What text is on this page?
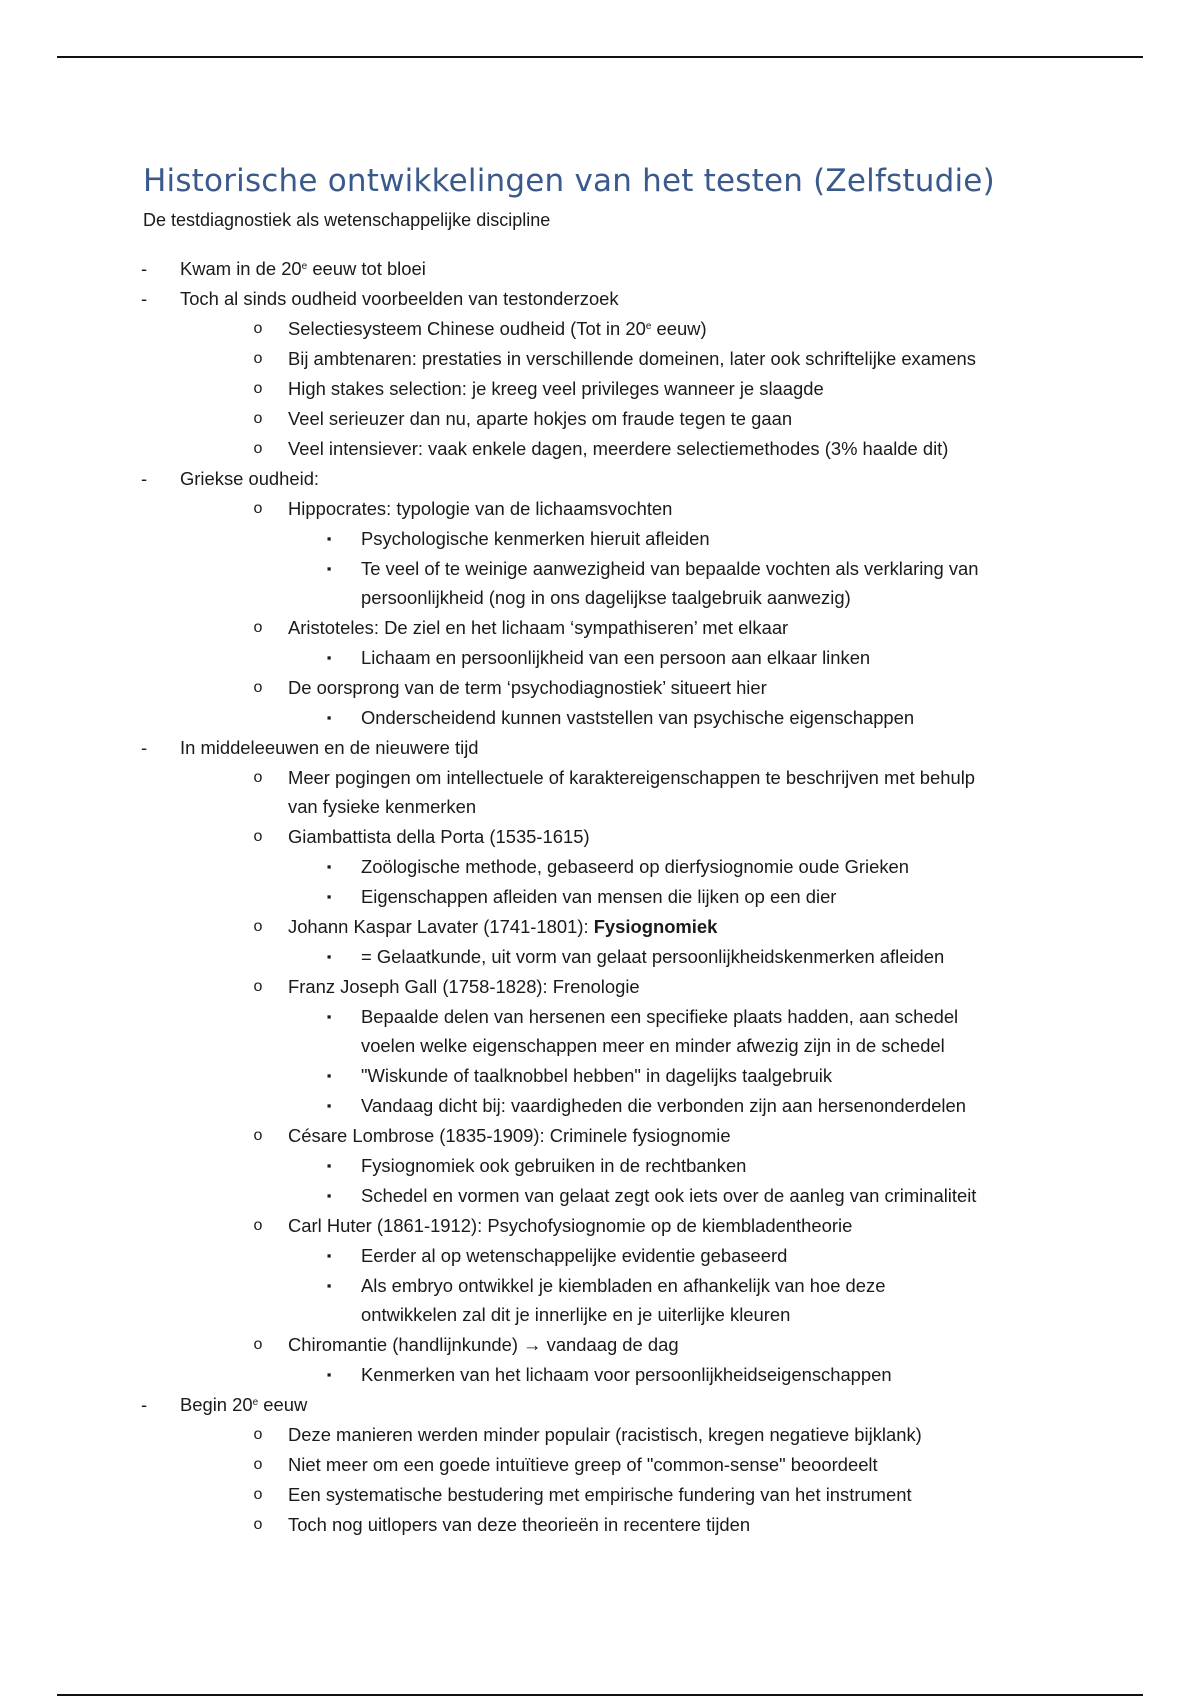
Historische ontwikkelingen van het testen (Zelfstudie)

De testdiagnostiek als wetenschappelijke discipline

- Kwam in de 20e eeuw tot bloei
- Toch al sinds oudheid voorbeelden van testonderzoek
o Selectiesysteem Chinese oudheid (Tot in 20e eeuw)
o Bij ambtenaren: prestaties in verschillende domeinen, later ook schriftelijke examens
o High stakes selection: je kreeg veel privileges wanneer je slaagde
o Veel serieuzer dan nu, aparte hokjes om fraude tegen te gaan
o Veel intensiever: vaak enkele dagen, meerdere selectiemethodes (3% haalde dit)
- Griekse oudheid:
o Hippocrates: typologie van de lichaamsvochten
▪ Psychologische kenmerken hieruit afleiden
▪ Te veel of te weinige aanwezigheid van bepaalde vochten als verklaring van
persoonlijkheid (nog in ons dagelijkse taalgebruik aanwezig)
o Aristoteles: De ziel en het lichaam ‘sympathiseren’ met elkaar
▪ Lichaam en persoonlijkheid van een persoon aan elkaar linken
o De oorsprong van de term ‘psychodiagnostiek’ situeert hier
▪ Onderscheidend kunnen vaststellen van psychische eigenschappen
- In middeleeuwen en de nieuwere tijd
o Meer pogingen om intellectuele of karaktereigenschappen te beschrijven met behulp
van fysieke kenmerken
o Giambattista della Porta (1535-1615)
▪ Zoölogische methode, gebaseerd op dierfysiognomie oude Grieken
▪ Eigenschappen afleiden van mensen die lijken op een dier
o Johann Kaspar Lavater (1741-1801): Fysiognomiek
▪ = Gelaatkunde, uit vorm van gelaat persoonlijkheidskenmerken afleiden
o Franz Joseph Gall (1758-1828): Frenologie
▪ Bepaalde delen van hersenen een specifieke plaats hadden, aan schedel
voelen welke eigenschappen meer en minder afwezig zijn in de schedel
▪ "Wiskunde of taalknobbel hebben" in dagelijks taalgebruik
▪ Vandaag dicht bij: vaardigheden die verbonden zijn aan hersenonderdelen
o Césare Lombrose (1835-1909): Criminele fysiognomie
▪ Fysiognomiek ook gebruiken in de rechtbanken
▪ Schedel en vormen van gelaat zegt ook iets over de aanleg van criminaliteit
o Carl Huter (1861-1912): Psychofysiognomie op de kiembladentheorie
▪ Eerder al op wetenschappelijke evidentie gebaseerd
▪ Als embryo ontwikkel je kiembladen en afhankelijk van hoe deze
ontwikkelen zal dit je innerlijke en je uiterlijke kleuren
o Chiromantie (handlijnkunde) → vandaag de dag
▪ Kenmerken van het lichaam voor persoonlijkheidseigenschappen
- Begin 20e eeuw
o Deze manieren werden minder populair (racistisch, kregen negatieve bijklank)
o Niet meer om een goede intuïtieve greep of "common-sense" beoordeelt
o Een systematische bestudering met empirische fundering van het instrument
o Toch nog uitlopers van deze theorieën in recentere tijden
